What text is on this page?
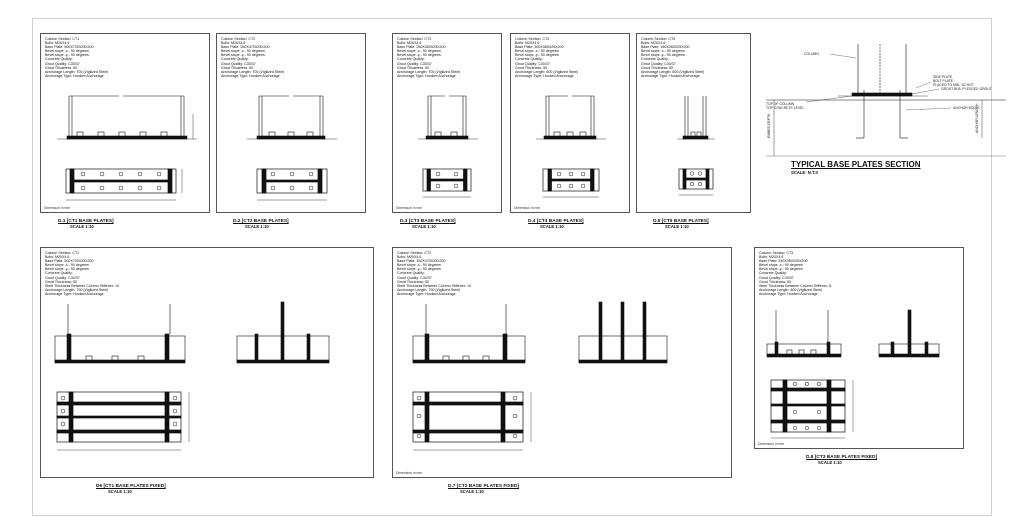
Column Section: CT1
Bolts: M20X4.6
Base Plate: 500X700X25X200
Bevel slope -x-: 90 degrees
Bevel slope -y-: 90 degrees
Concrete Quality:
Grout Quality: C30/37
Grout Thickness: 50
Anchorage Length: 700 (Vigilized Steel)
Anchorage Type: Hooked Anchorage
Dimension in mm
Column Section: CT2
Bolts: M20X4.6
Base Plate: 350X470X25X200
Bevel slope -x-: 90 degrees
Bevel slope -y-: 90 degrees
Concrete Quality:
Grout Quality: C30/37
Grout Thickness: 50
Anchorage Length: 700 (Vigilized Steel)
Anchorage Type: Hooked Anchorage
Column Section: CT3
Bolts: M20X4.6
Base Plate: 250X360X25X200
Bevel slope -x-: 90 degrees
Bevel slope -y-: 90 degrees
Concrete Quality:
Grout Quality: C30/37
Grout Thickness: 50
Anchorage Length: 700 (Vigilized Steel)
Anchorage Type: Hooked Anchorage
Dimension in mm
Column Section: CT4
Bolts: M20X4.6
Base Plate: 300X360X25X200
Bevel slope -x-: 90 degrees
Bevel slope -y-: 90 degrees
Concrete Quality:
Grout Quality: C30/37
Grout Thickness: 50
Anchorage Length: 600 (Vigilized Steel)
Anchorage Type: Hooked Anchorage
Dimension in mm
Column Section: CT5
Bolts: M20X4.6
Base Plate: 180X260X25X200
Bevel slope -x-: 90 degrees
Bevel slope -y-: 90 degrees
Concrete Quality:
Grout Quality: C30/37
Grout Thickness: 50
Anchorage Length: 600 (Vigilized Steel)
Anchorage Type: Hooked Anchorage
D.1 [CT1 BASE PLATES]
SCALE 1:10
D.2 [CT2 BASE PLATES]
SCALE 1:10
D.3 [CT3 BASE PLATES]
SCALE 1:10
D.4 [CT4 BASE PLATES]
SCALE 1:10
D.5 [CT5 BASE PLATES]
SCALE 1:10
COLUMN
SIDE PLATE
BOLT PLATE
PLACED TO MIN. 1/2 HGT
GROUT BLB. PLEDGED GROUT
TOP OF COLUMN
TOP CONCRETE LEVEL	ANCHOR BOLTS
EMBED DEPTH	ANCHOR LENGTH
TYPICAL BASE PLATES SECTION
SCALE: N.T.S
Column Section: CT1
Bolts: M20X4.6
Base Plate: 500X700X25X200
Bevel slope -x-: 90 degrees
Bevel slope -y-: 90 degrees
Concrete Quality:
Grout Quality: C30/37
Grout Thickness: 50
Steel Thickness Between Column Stiffener: 10
Anchorage Length: 700 (Vigilized Steel)
Anchorage Type: Hooked Anchorage
Column Section: CT2
Bolts: M20X4.6
Base Plate: 350X470X25X200
Bevel slope -x-: 90 degrees
Bevel slope -y-: 90 degrees
Concrete Quality:
Grout Quality: C30/37
Grout Thickness: 50
Steel Thickness Between Column Stiffener: 10
Anchorage Length: 700 (Vigilized Steel)
Anchorage Type: Hooked Anchorage
Dimension in mm
Column Section: CT3
Bolts: M20X4.6
Base Plate: 250X360X25X200
Bevel slope -x-: 90 degrees
Bevel slope -y-: 90 degrees
Concrete Quality:
Grout Quality: C30/37
Grout Thickness: 50
Steel Thickness Between Column Stiffener: 8
Anchorage Length: 600 (Vigilized Steel)
Anchorage Type: Hooked Anchorage
Dimension in mm
D6 [CT1 BASE PLATES FIXED]
SCALE 1:10
D.7 [CT2 BASE PLATES FIXED]
SCALE 1:10
D.8 [CT3 BASE PLATES FIXED]
SCALE 1:10
